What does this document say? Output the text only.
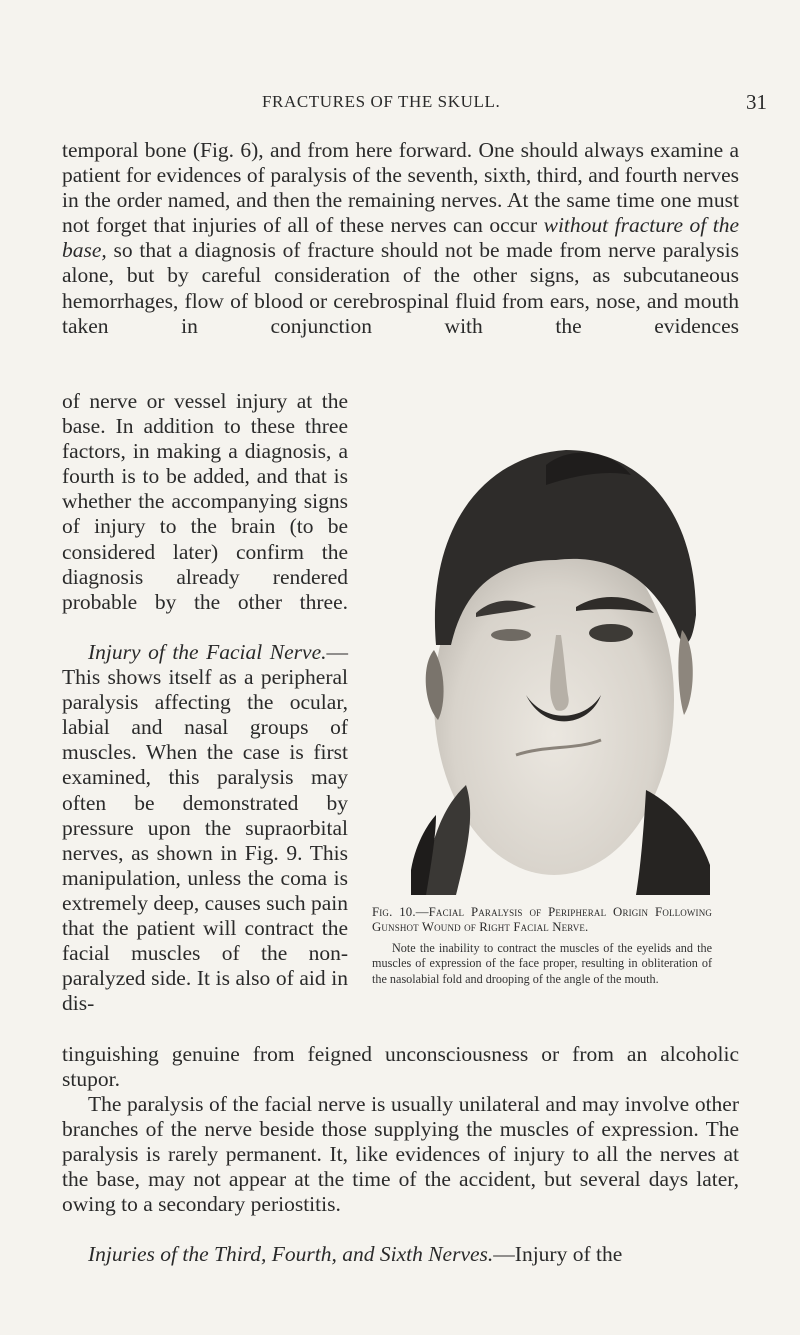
FRACTURES OF THE SKULL.	31

temporal bone (Fig. 6), and from here forward. One should always examine a patient for evidences of paralysis of the seventh, sixth, third, and fourth nerves in the order named, and then the remaining nerves. At the same time one must not forget that injuries of all of these nerves can occur without fracture of the base, so that a diagnosis of fracture should not be made from nerve paralysis alone, but by careful consideration of the other signs, as subcutaneous hemorrhages, flow of blood or cerebrospinal fluid from ears, nose, and mouth taken in conjunction with the evidences

of nerve or vessel injury at the base. In addition to these three factors, in making a diagnosis, a fourth is to be added, and that is whether the accompanying signs of injury to the brain (to be considered later) confirm the diagnosis already rendered probable by the other three.

Injury of the Facial Nerve.—This shows itself as a peripheral paralysis affecting the ocular, labial and nasal groups of muscles. When the case is first examined, this paralysis may often be demonstrated by pressure upon the supraorbital nerves, as shown in Fig. 9. This manipulation, unless the coma is extremely deep, causes such pain that the patient will contract the facial muscles of the non-paralyzed side. It is also of aid in dis-

tinguishing genuine from feigned unconsciousness or from an alcoholic stupor.

The paralysis of the facial nerve is usually unilateral and may involve other branches of the nerve beside those supplying the muscles of expression. The paralysis is rarely permanent. It, like evidences of injury to all the nerves at the base, may not appear at the time of the accident, but several days later, owing to a secondary periostitis.

Injuries of the Third, Fourth, and Sixth Nerves.—Injury of the

Fig. 10.—Facial Paralysis of Peripheral Origin Following Gunshot Wound of Right Facial Nerve.

Note the inability to contract the muscles of the eyelids and the muscles of expression of the face proper, resulting in obliteration of the nasolabial fold and drooping of the angle of the mouth.
